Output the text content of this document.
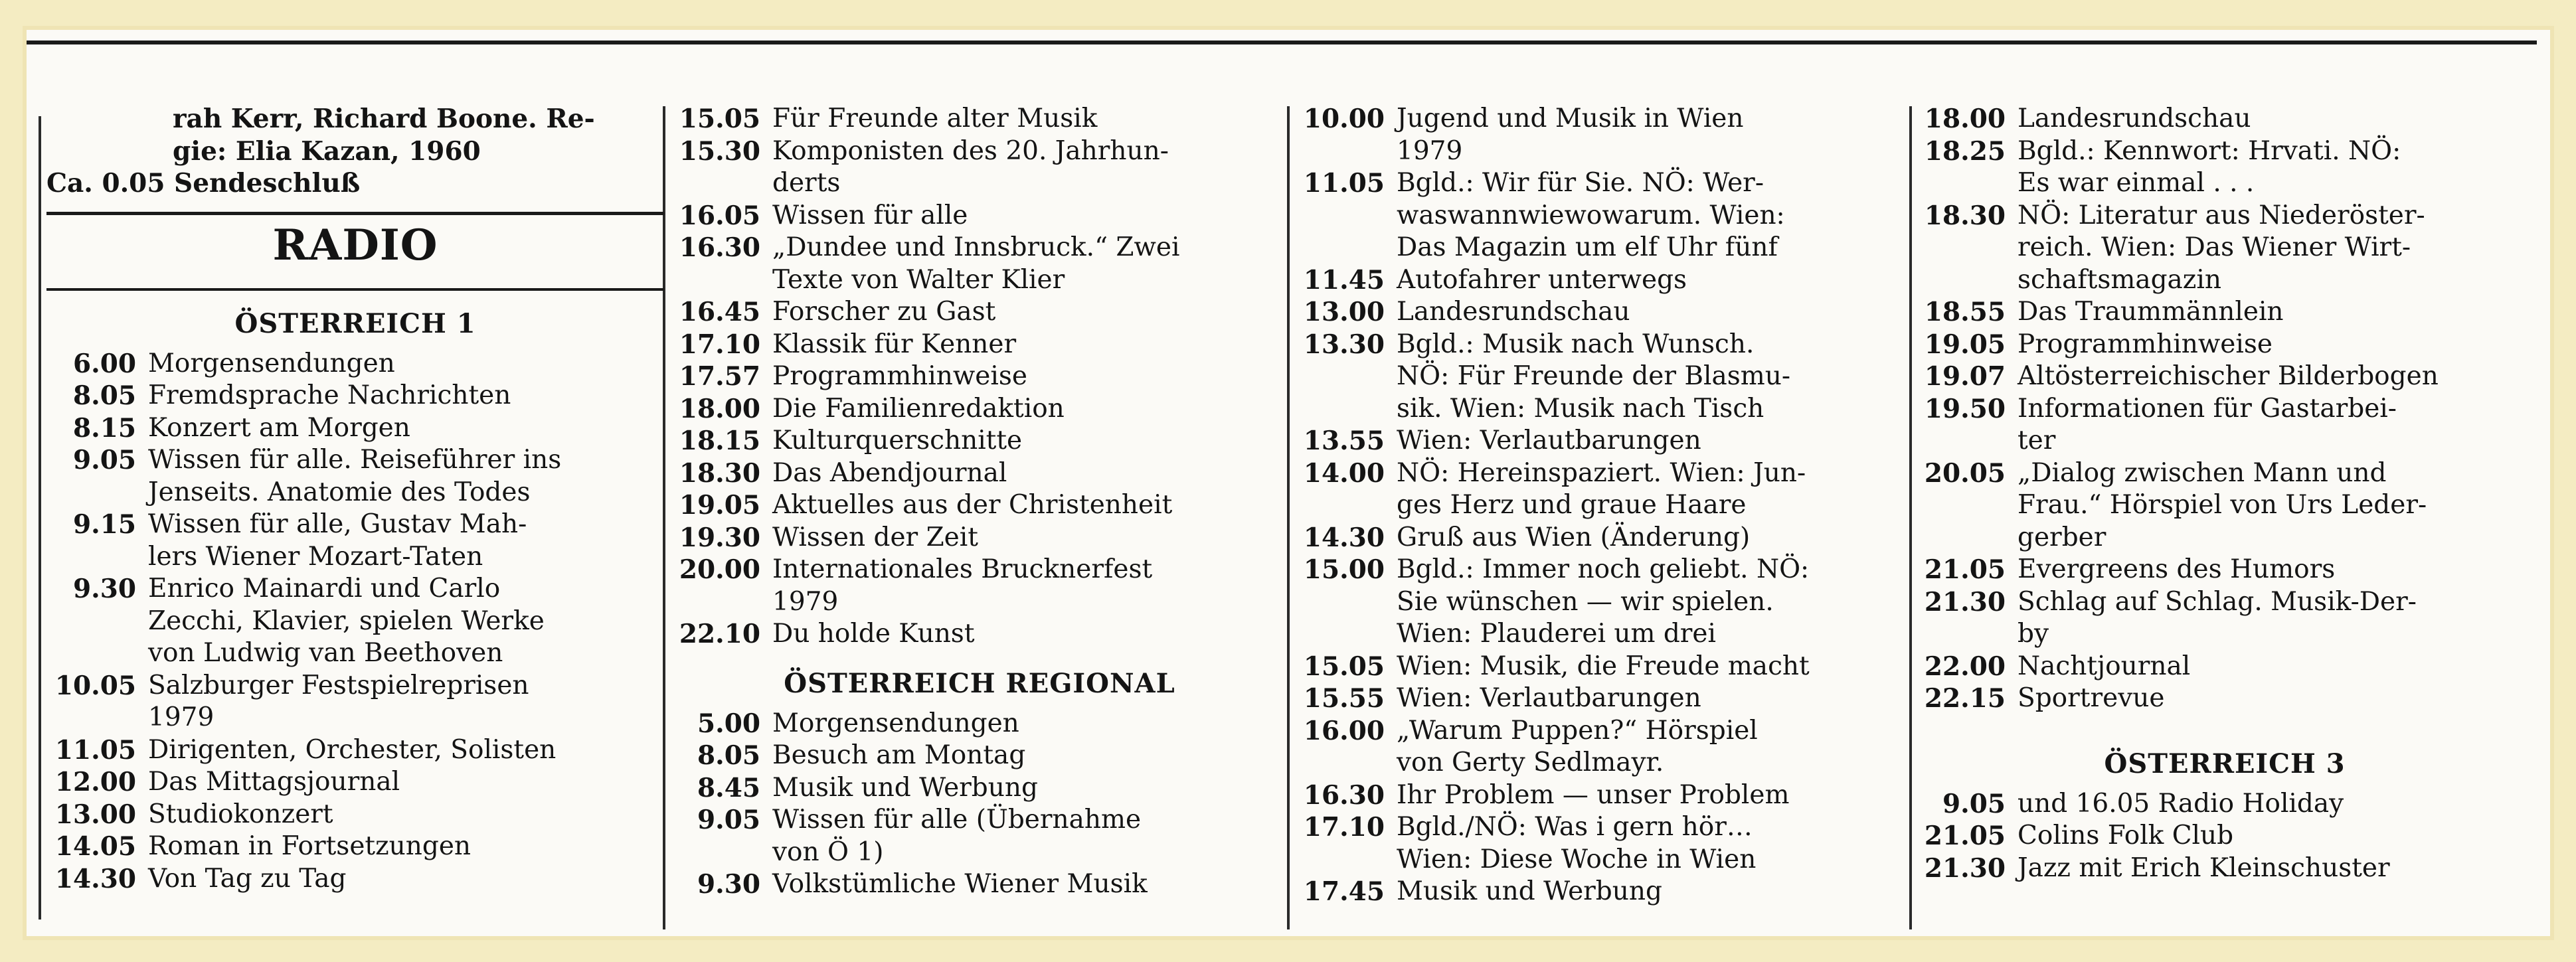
rah Kerr, Richard Boone. Re-
gie: Elia Kazan, 1960
Ca. 0.05 Sendeschluß
RADIO
ÖSTERREICH 1
6.00 Morgensendungen
8.05 Fremdsprache Nachrichten
8.15 Konzert am Morgen
9.05 Wissen für alle. Reiseführer ins
Jenseits. Anatomie des Todes
9.15 Wissen für alle, Gustav Mah-
lers Wiener Mozart-Taten
9.30 Enrico Mainardi und Carlo
Zecchi, Klavier, spielen Werke
von Ludwig van Beethoven
10.05 Salzburger Festspielreprisen
1979
11.05 Dirigenten, Orchester, Solisten
12.00 Das Mittagsjournal
13.00 Studiokonzert
14.05 Roman in Fortsetzungen
14.30 Von Tag zu Tag
15.05 Für Freunde alter Musik
15.30 Komponisten des 20. Jahrhun-
derts
16.05 Wissen für alle
16.30 „Dundee und Innsbruck.“ Zwei
Texte von Walter Klier
16.45 Forscher zu Gast
17.10 Klassik für Kenner
17.57 Programmhinweise
18.00 Die Familienredaktion
18.15 Kulturquerschnitte
18.30 Das Abendjournal
19.05 Aktuelles aus der Christenheit
19.30 Wissen der Zeit
20.00 Internationales Brucknerfest
1979
22.10 Du holde Kunst
ÖSTERREICH REGIONAL
5.00 Morgensendungen
8.05 Besuch am Montag
8.45 Musik und Werbung
9.05 Wissen für alle (Übernahme
von Ö 1)
9.30 Volkstümliche Wiener Musik
10.00 Jugend und Musik in Wien
1979
11.05 Bgld.: Wir für Sie. NÖ: Wer-
waswannwiewowarum. Wien:
Das Magazin um elf Uhr fünf
11.45 Autofahrer unterwegs
13.00 Landesrundschau
13.30 Bgld.: Musik nach Wunsch.
NÖ: Für Freunde der Blasmu-
sik. Wien: Musik nach Tisch
13.55 Wien: Verlautbarungen
14.00 NÖ: Hereinspaziert. Wien: Jun-
ges Herz und graue Haare
14.30 Gruß aus Wien (Änderung)
15.00 Bgld.: Immer noch geliebt. NÖ:
Sie wünschen — wir spielen.
Wien: Plauderei um drei
15.05 Wien: Musik, die Freude macht
15.55 Wien: Verlautbarungen
16.00 „Warum Puppen?“ Hörspiel
von Gerty Sedlmayr.
16.30 Ihr Problem — unser Problem
17.10 Bgld./NÖ: Was i gern hör…
Wien: Diese Woche in Wien
17.45 Musik und Werbung
18.00 Landesrundschau
18.25 Bgld.: Kennwort: Hrvati. NÖ:
Es war einmal . . .
18.30 NÖ: Literatur aus Niederöster-
reich. Wien: Das Wiener Wirt-
schaftsmagazin
18.55 Das Traummännlein
19.05 Programmhinweise
19.07 Altösterreichischer Bilderbogen
19.50 Informationen für Gastarbei-
ter
20.05 „Dialog zwischen Mann und
Frau.“ Hörspiel von Urs Leder-
gerber
21.05 Evergreens des Humors
21.30 Schlag auf Schlag. Musik-Der-
by
22.00 Nachtjournal
22.15 Sportrevue
ÖSTERREICH 3
9.05 und 16.05 Radio Holiday
21.05 Colins Folk Club
21.30 Jazz mit Erich Kleinschuster
